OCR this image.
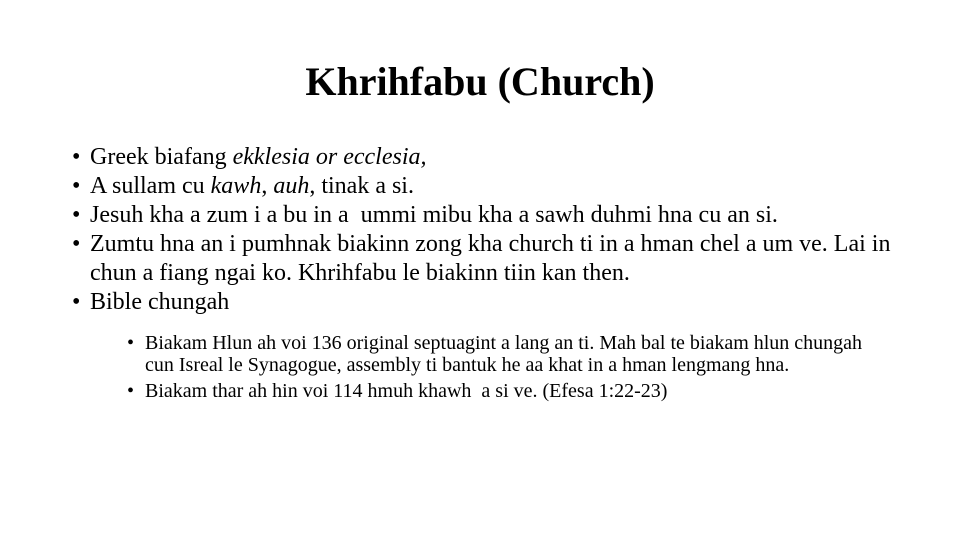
Khrihfabu (Church)
• Greek biafang ekklesia or ecclesia,
• A sullam cu kawh, auh, tinak a si.
• Jesuh kha a zum i a bu in a  ummi mibu kha a sawh duhmi hna cu an si.
• Zumtu hna an i pumhnak biakinn zong kha church ti in a hman chel a um ve. Lai in chun a fiang ngai ko. Khrihfabu le biakinn tiin kan then.
• Bible chungah
• Biakam Hlun ah voi 136 original septuagint a lang an ti. Mah bal te biakam hlun chungah cun Isreal le Synagogue, assembly ti bantuk he aa khat in a hman lengmang hna.
• Biakam thar ah hin voi 114 hmuh khawh  a si ve. (Efesa 1:22-23)
